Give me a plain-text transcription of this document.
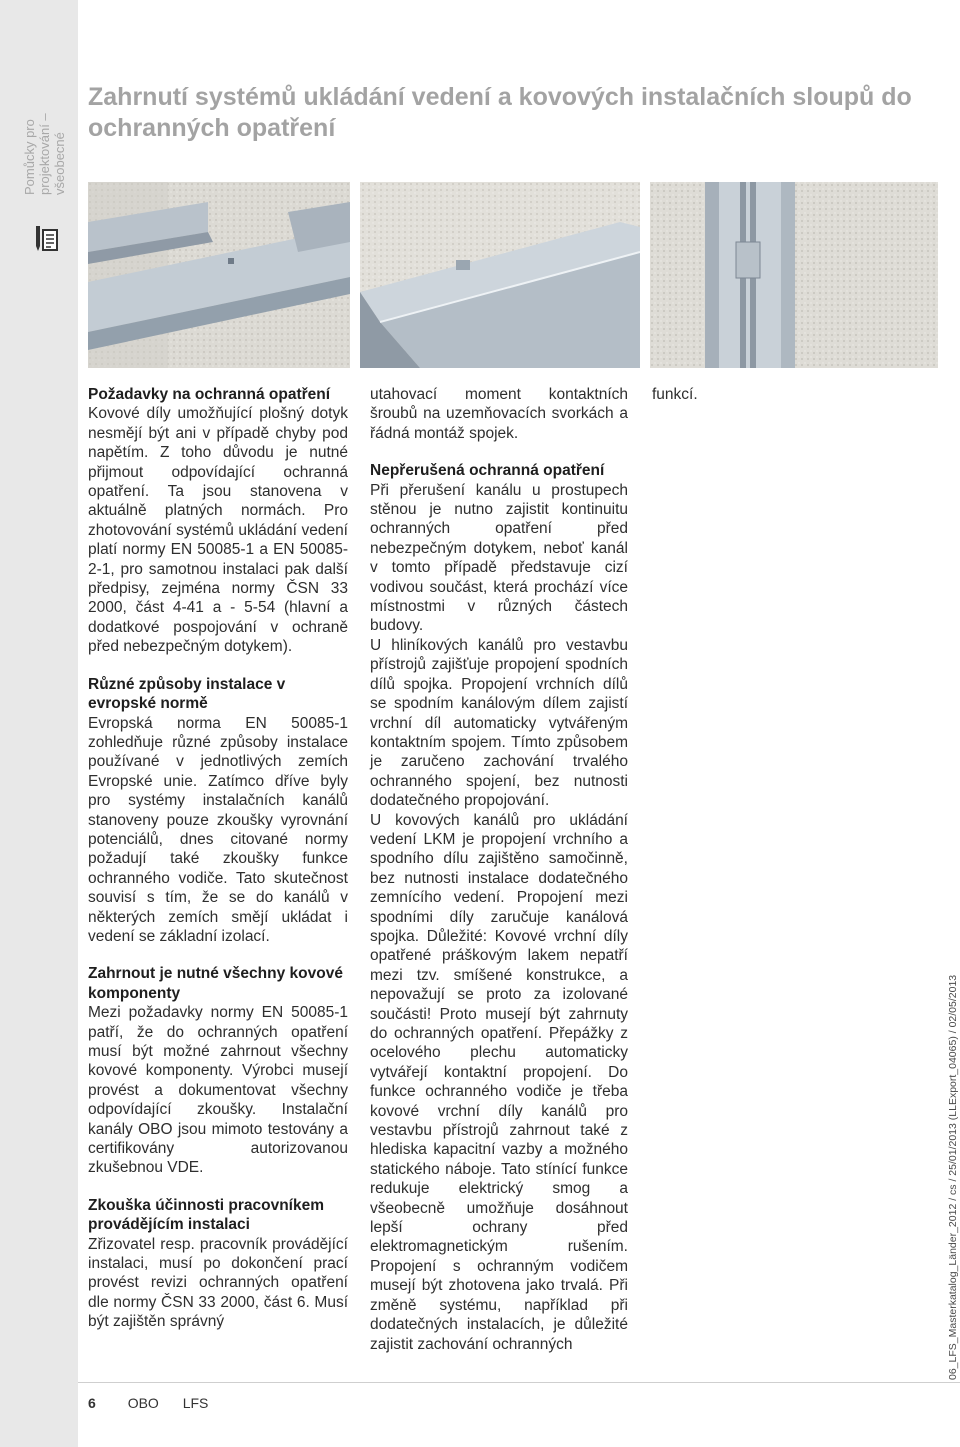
Pomůcky pro projektování – všeobecné
Zahrnutí systémů ukládání vedení a kovových instalačních sloupů do ochranných opatření
Požadavky na ochranná opatření

Kovové díly umožňující plošný dotyk nesmějí být ani v případě chyby pod napětím. Z toho důvodu je nutné přijmout odpovídající ochranná opatření. Ta jsou stanovena v aktuálně platných normách. Pro zhotovování systémů ukládání vedení platí normy EN 50085-1 a EN 50085-2-1, pro samotnou instalaci pak další předpisy, zejména normy ČSN 33 2000, část 4-41 a - 5-54 (hlavní a dodatkové pospojování v ochraně před nebezpečným dotykem).

Různé způsoby instalace v evropské normě

Evropská norma EN 50085-1 zohledňuje různé způsoby instalace používané v jednotlivých zemích Evropské unie. Zatímco dříve byly pro systémy instalačních kanálů stanoveny pouze zkoušky vyrovnání potenciálů, dnes citované normy požadují také zkoušky funkce ochranného vodiče. Tato skutečnost souvisí s tím, že se do kanálů v některých zemích smějí ukládat i vedení se základní izolací.

Zahrnout je nutné všechny kovové komponenty

Mezi požadavky normy EN 50085-1 patří, že do ochranných opatření musí být možné zahrnout všechny kovové komponenty. Výrobci musejí provést a dokumentovat všechny odpovídající zkoušky. Instalační kanály OBO jsou mimoto testovány a certifikovány autorizovanou zkušebnou VDE.

Zkouška účinnosti pracovníkem provádějícím instalaci

Zřizovatel resp. pracovník provádějící instalaci, musí po dokončení prací provést revizi ochranných opatření dle normy ČSN 33 2000, část 6. Musí být zajištěn správný

utahovací moment kontaktních šroubů na uzemňovacích svorkách a řádná montáž spojek.

Nepřerušená ochranná opatření

Při přerušení kanálu u prostupech stěnou je nutno zajistit kontinuitu ochranných opatření před nebezpečným dotykem, neboť kanál v tomto případě představuje cizí vodivou součást, která prochází více místnostmi v různých částech budovy.

U hliníkových kanálů pro vestavbu přístrojů zajišťuje propojení spodních dílů spojka. Propojení vrchních dílů se spodním kanálovým dílem zajistí vrchní díl automaticky vytvářeným kontaktním spojem. Tímto způsobem je zaručeno zachování trvalého ochranného spojení, bez nutnosti dodatečného propojování.

U kovových kanálů pro ukládání vedení LKM je propojení vrchního a spodního dílu zajištěno samočinně, bez nutnosti instalace dodatečného zemnícího vedení. Propojení mezi spodními díly zaručuje kanálová spojka. Důležité: Kovové vrchní díly opatřené práškovým lakem nepatří mezi tzv. smíšené konstrukce, a nepovažují se proto za izolované součásti! Proto musejí být zahrnuty do ochranných opatření. Přepážky z ocelového plechu automaticky vytvářejí kontaktní propojení. Do funkce ochranného vodiče je třeba kovové vrchní díly kanálů pro vestavbu přístrojů zahrnout také z hlediska kapacitní vazby a možného statického náboje. Tato stínící funkce redukuje elektrický smog a všeobecně umožňuje dosáhnout lepší ochrany před elektromagnetickým rušením. Propojení s ochranným vodičem musejí být zhotovena jako trvalá. Při změně systému, například při dodatečných instalacích, je důležité zajistit zachování ochranných

funkcí.

6 OBO LFS
06_LFS_Masterkatalog_Länder_2012 / cs / 25/01/2013 (LLExport_04065) / 02/05/2013
